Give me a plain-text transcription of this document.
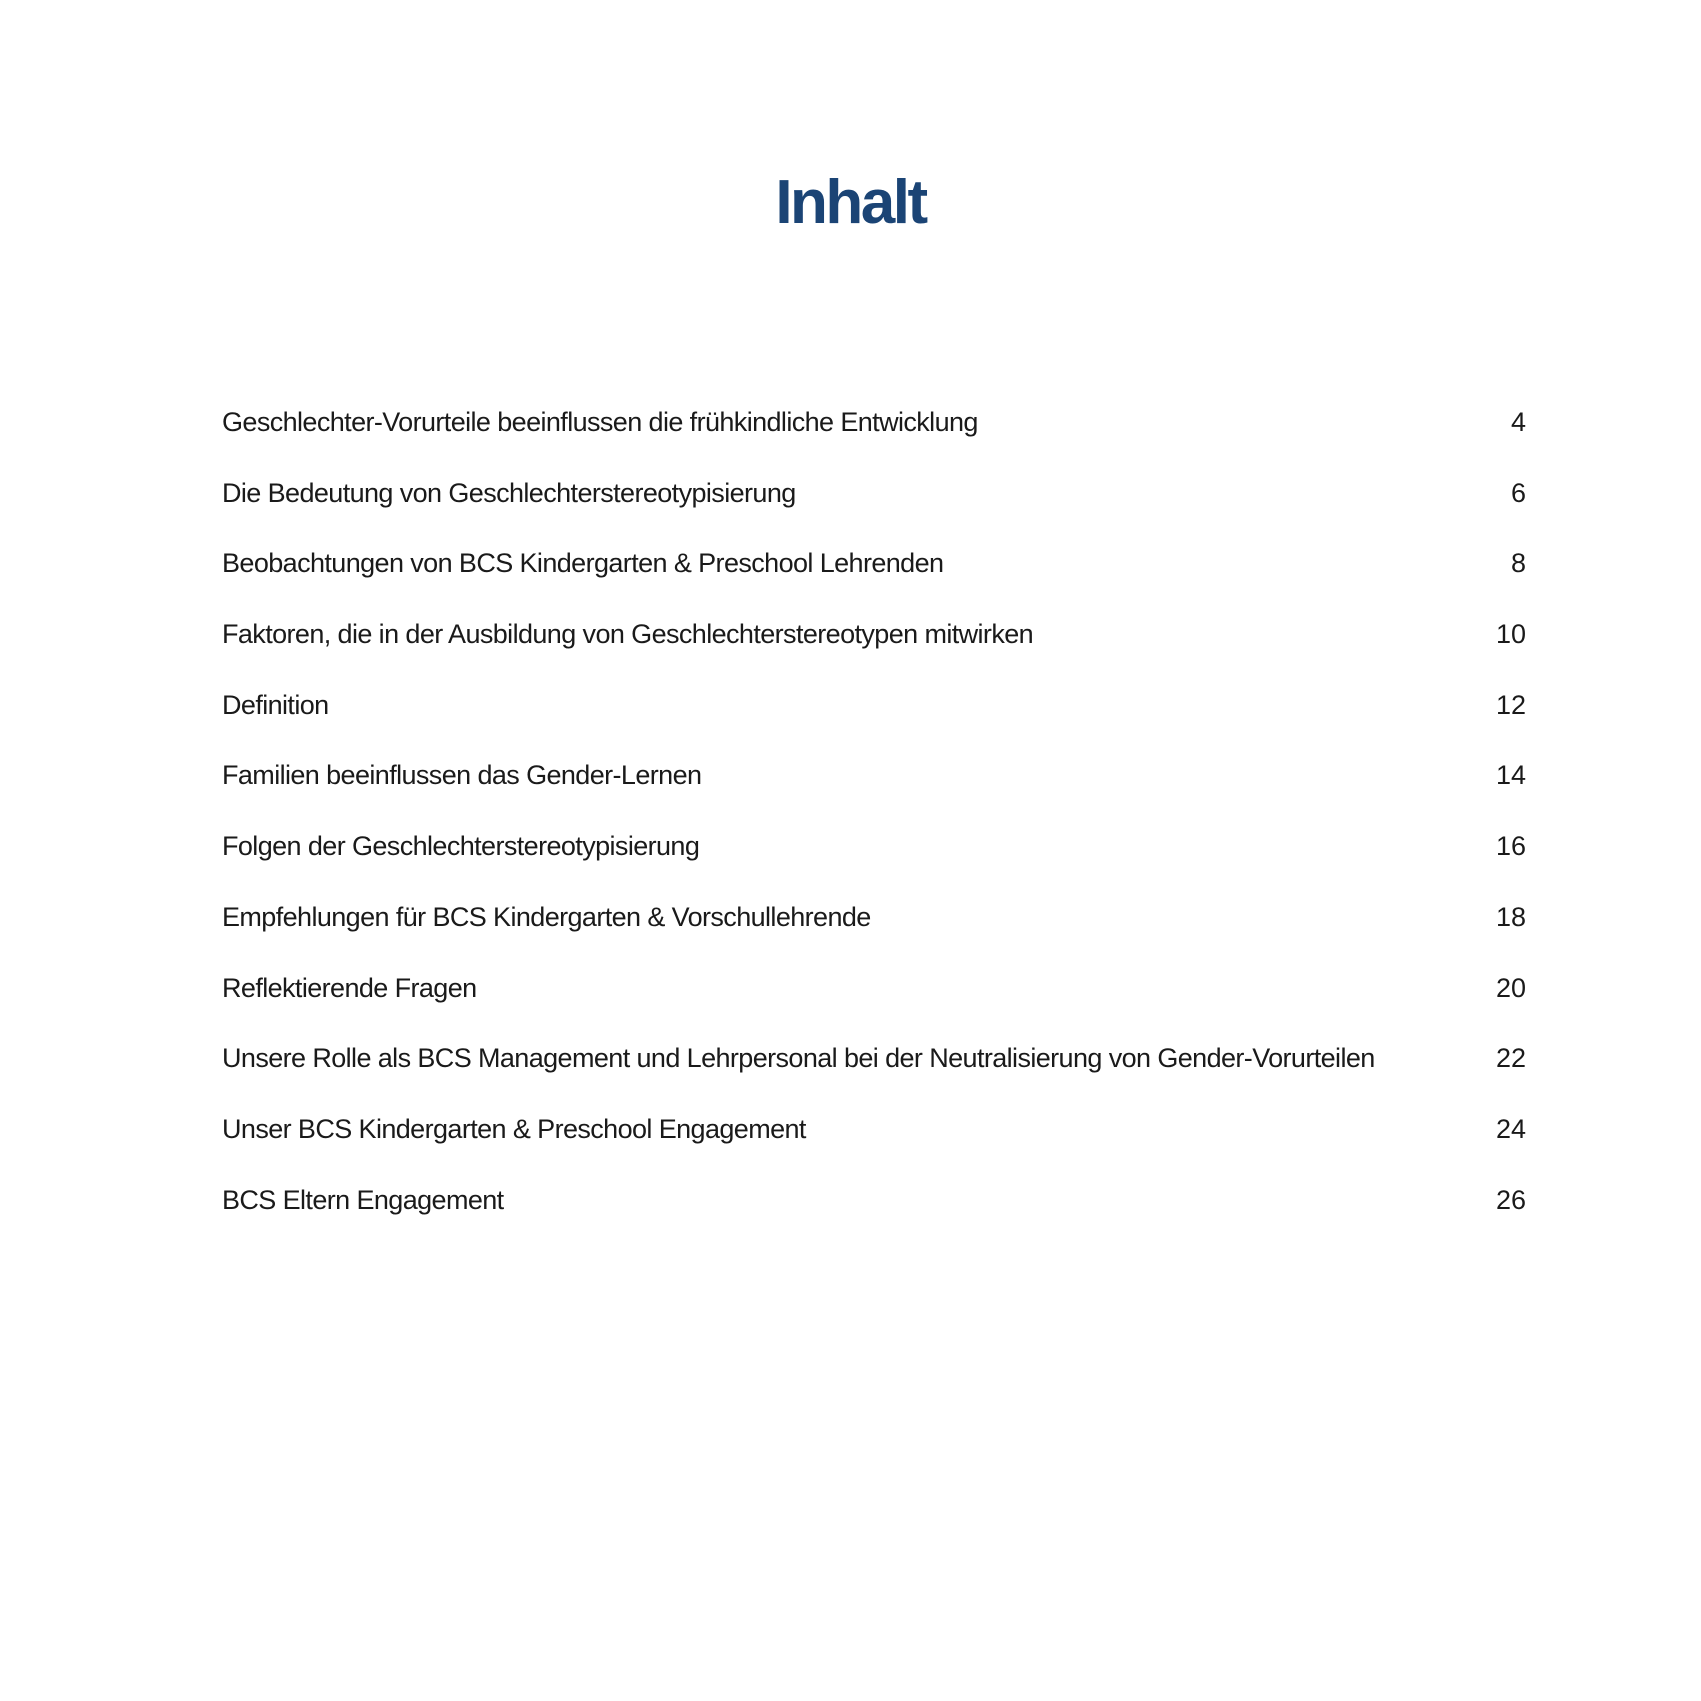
Inhalt
Geschlechter-Vorurteile beeinflussen die frühkindliche Entwicklung	4
Die Bedeutung von Geschlechterstereotypisierung	6
Beobachtungen von BCS Kindergarten & Preschool Lehrenden	8
Faktoren, die in der Ausbildung von Geschlechterstereotypen mitwirken	10
Definition	12
Familien beeinflussen das Gender-Lernen	14
Folgen der Geschlechterstereotypisierung	16
Empfehlungen für BCS Kindergarten & Vorschullehrende	18
Reflektierende Fragen	20
Unsere Rolle als BCS Management und Lehrpersonal bei der Neutralisierung von Gender-Vorurteilen	22
Unser BCS Kindergarten & Preschool Engagement	24
BCS Eltern Engagement	26
